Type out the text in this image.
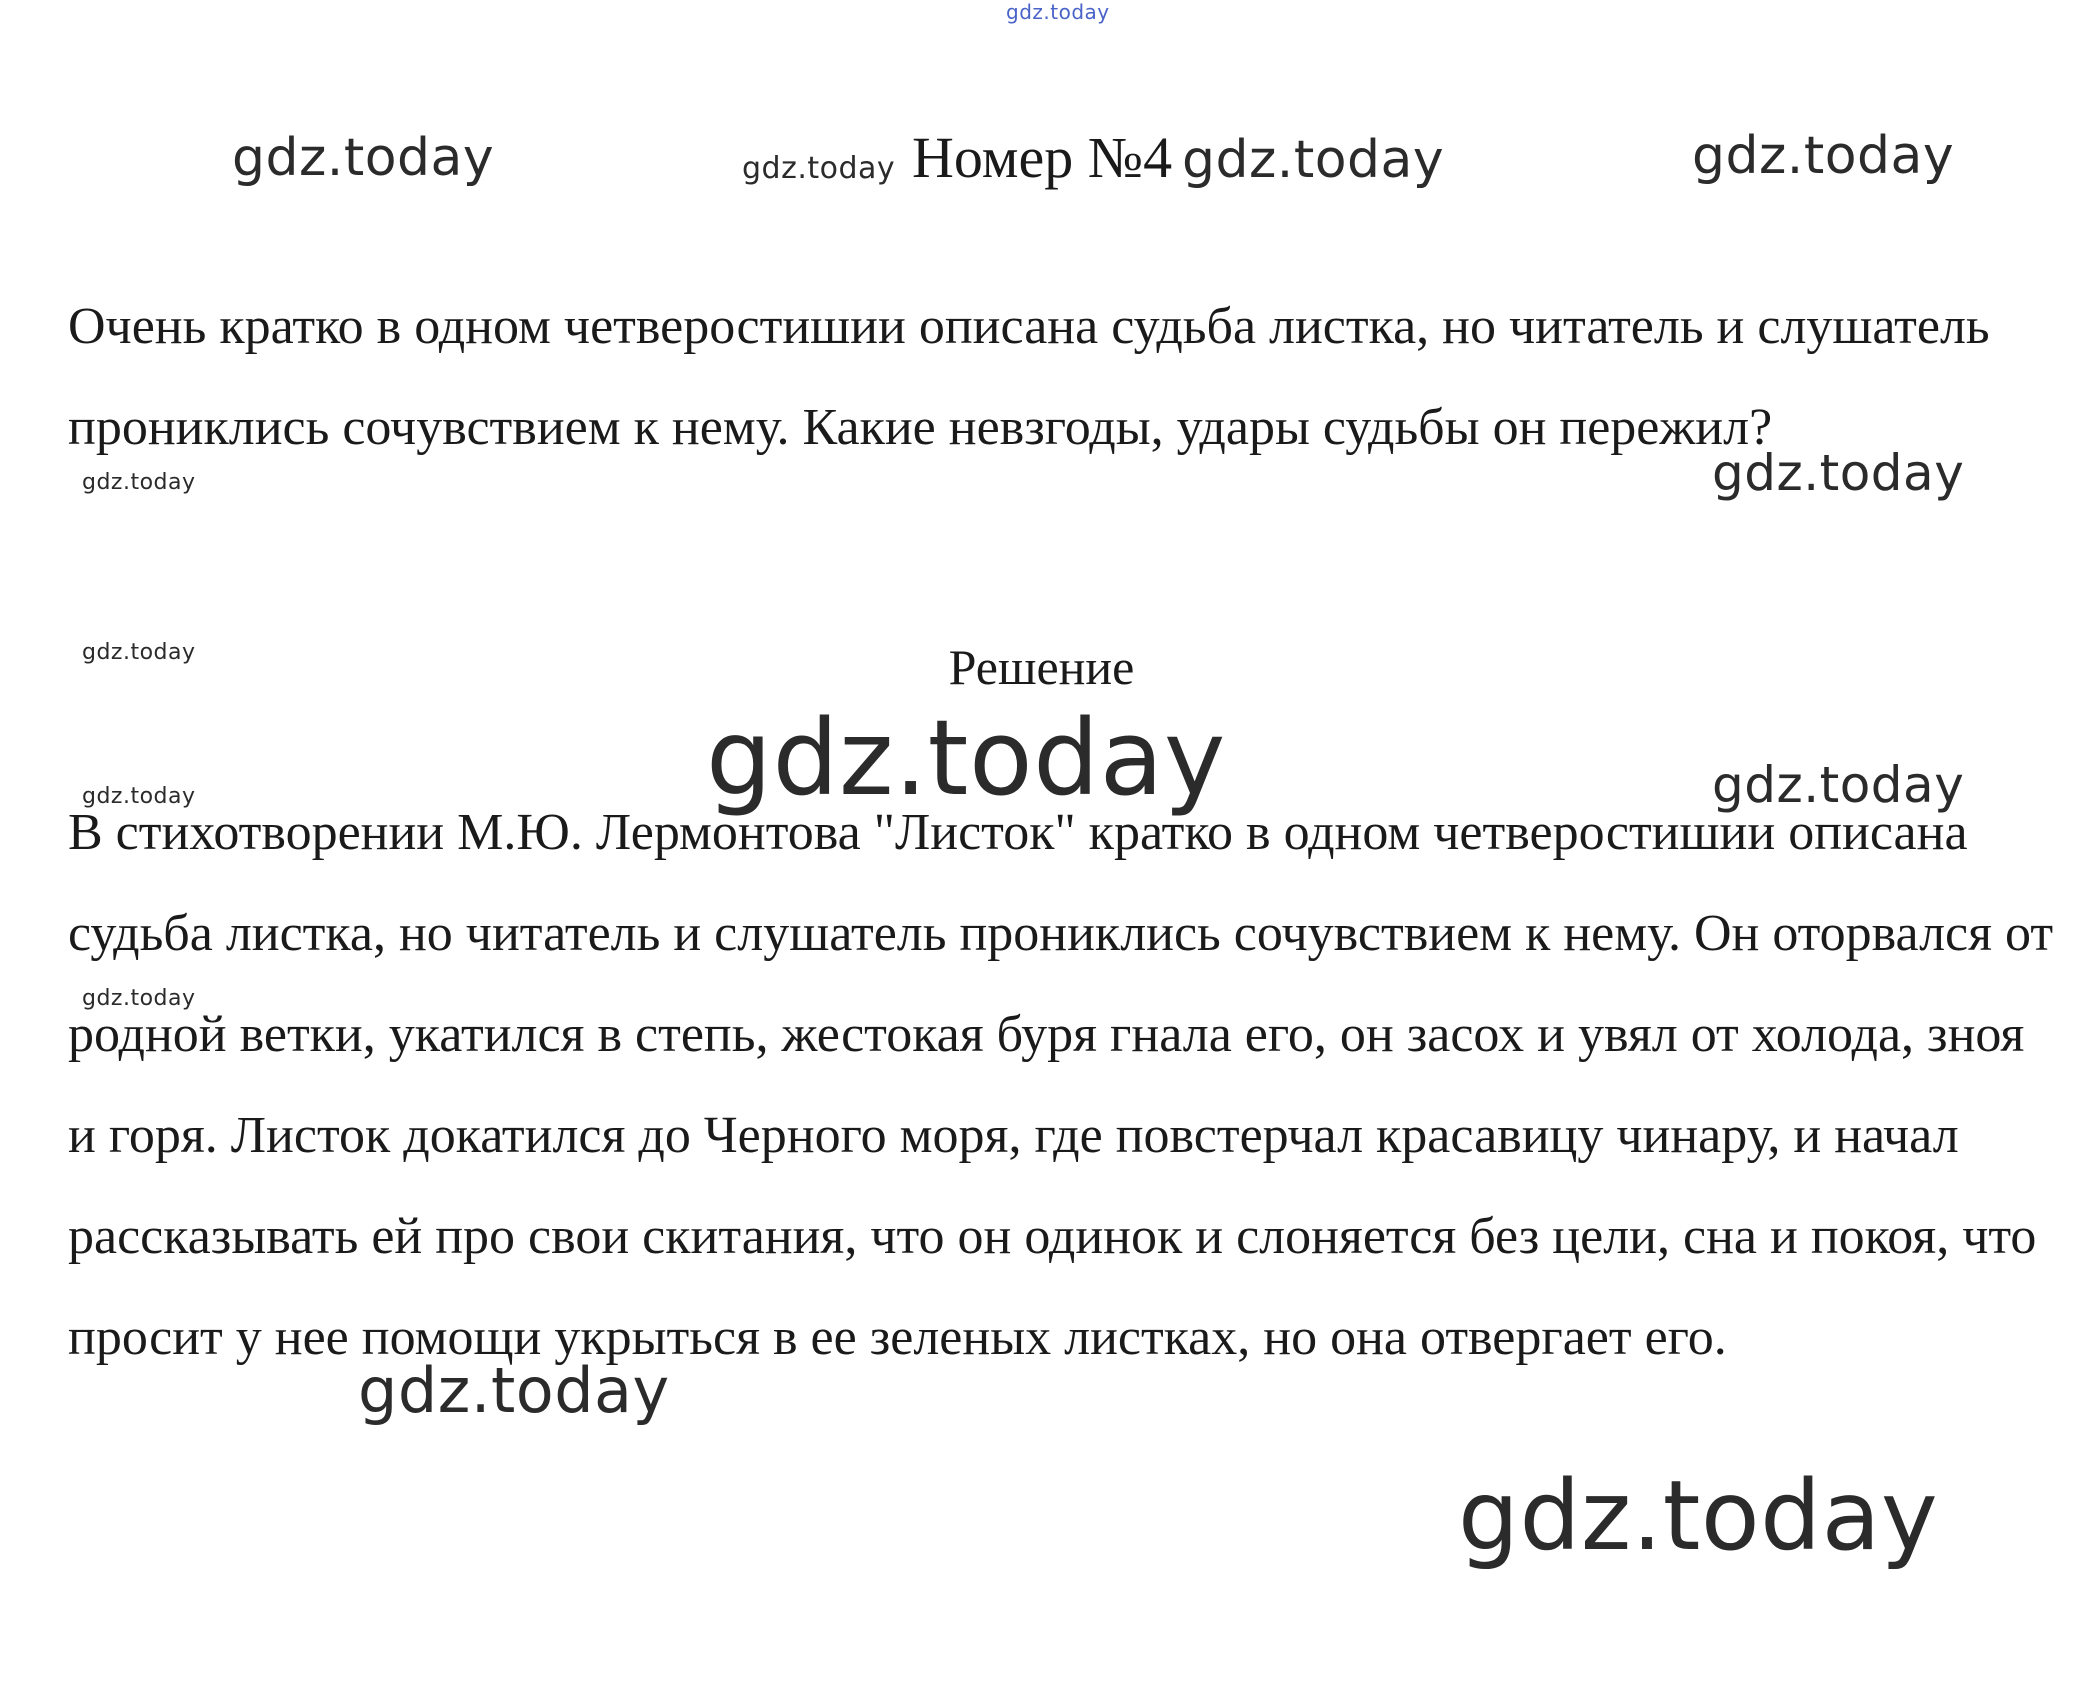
gdz.today
gdz.today	gdz.today	gdz.today
gdz.today	gdz.today
gdz.today
gdz.today
gdz.today	gdz.today
gdz.today
Номер №4 gdz.today

Очень кратко в одном четверостишии описана судьба листка, но читатель и слушатель прониклись сочувствием к нему. Какие невзгоды, удары судьбы он пережил?

Решение

В стихотворении М.Ю. Лермонтова "Листок" кратко в одном четверостишии описана судьба листка, но читатель и слушатель прониклись сочувствием к нему. Он оторвался от родной ветки, укатился в степь, жестокая буря гнала его, он засох и увял от холода, зноя и горя. Листок докатился до Черного моря, где повстерчал красавицу чинару, и начал рассказывать ей про свои скитания, что он одинок и слоняется без цели, сна и покоя, что просит у нее помощи укрыться в ее зеленых листках, но она отвергает его.

gdz.today
gdz.today
